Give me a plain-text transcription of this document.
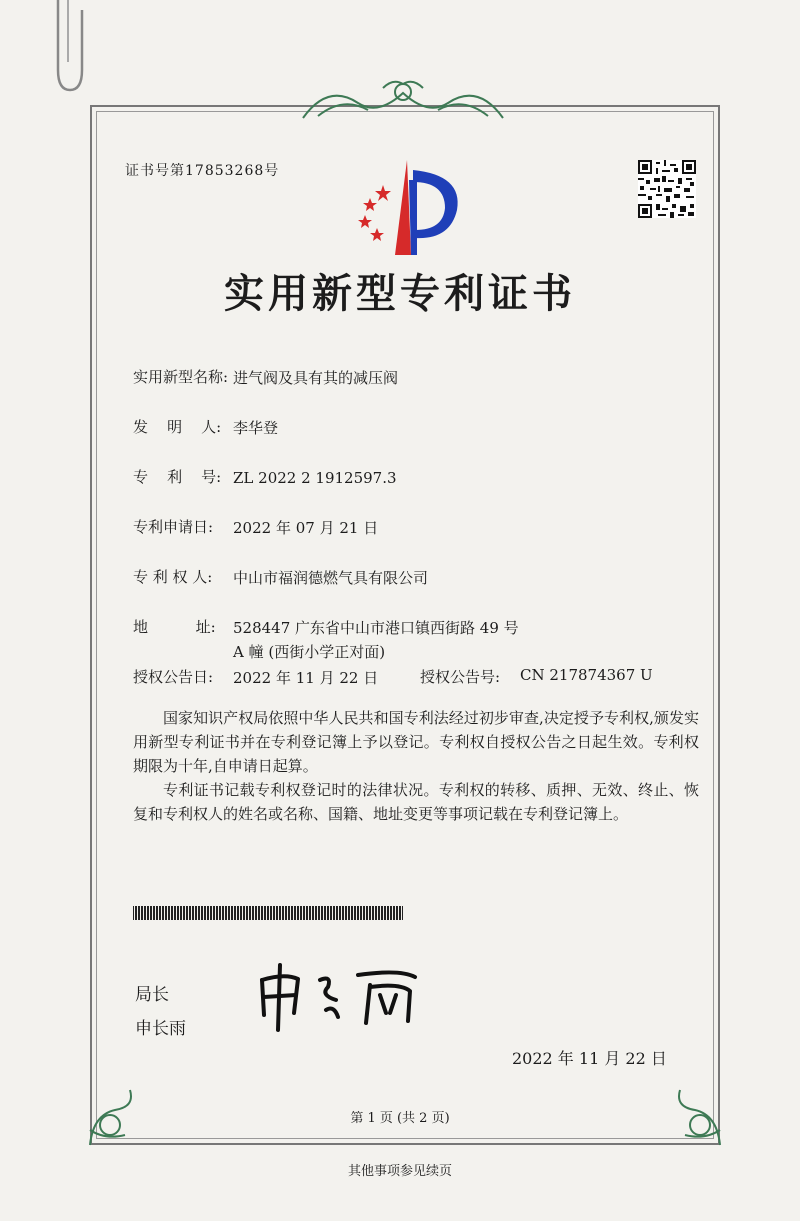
证书号第17853268号
实用新型专利证书
实用新型名称: 进气阀及具有其的减压阀
发    明    人: 李华登
专    利    号: ZL 2022 2 1912597.3
专利申请日:	2022 年 07 月 21 日
专 利 权 人:	中山市福润德燃气具有限公司
地          址:	528447 广东省中山市港口镇西街路 49 号 A 幢 (西街小学正对面)
授权公告日:	2022 年 11 月 22 日	授权公告号:	CN 217874367 U
国家知识产权局依照中华人民共和国专利法经过初步审查,决定授予专利权,颁发实用新型专利证书并在专利登记簿上予以登记。专利权自授权公告之日起生效。专利权期限为十年,自申请日起算。
专利证书记载专利权登记时的法律状况。专利权的转移、质押、无效、终止、恢复和专利权人的姓名或名称、国籍、地址变更等事项记载在专利登记簿上。
局长
申长雨
2022 年 11 月 22 日
第 1 页 (共 2 页)
其他事项参见续页
